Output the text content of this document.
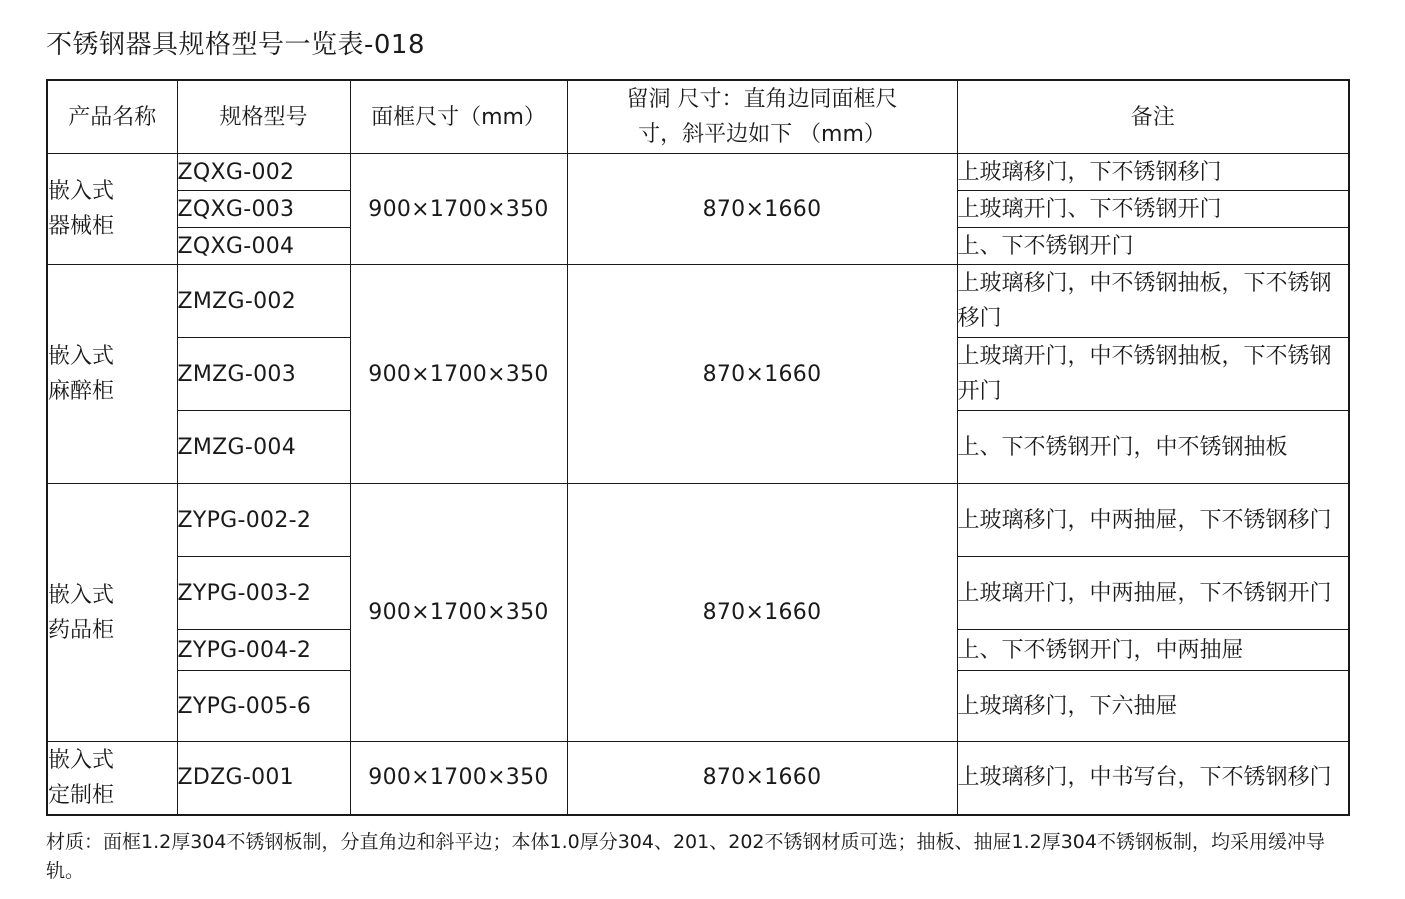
不锈钢器具规格型号一览表-018
产品名称	规格型号	面框尺寸（mm）	留洞 尺寸：直角边同面框尺寸，斜平边如下 （mm）	备注

嵌入式器械柜	ZQXG-002	900×1700×350	870×1660	上玻璃移门，下不锈钢移门
	ZQXG-003			上玻璃开门、下不锈钢开门
	ZQXG-004			上、下不锈钢开门

嵌入式麻醉柜	ZMZG-002	900×1700×350	870×1660	上玻璃移门，中不锈钢抽板，下不锈钢移门
	ZMZG-003			上玻璃开门，中不锈钢抽板，下不锈钢开门
	ZMZG-004			上、下不锈钢开门，中不锈钢抽板

嵌入式药品柜	ZYPG-002-2	900×1700×350	870×1660	上玻璃移门，中两抽屉，下不锈钢移门
	ZYPG-003-2			上玻璃开门，中两抽屉，下不锈钢开门
	ZYPG-004-2			上、下不锈钢开门，中两抽屉
	ZYPG-005-6			上玻璃移门，下六抽屉

嵌入式定制柜	ZDZG-001	900×1700×350	870×1660	上玻璃移门，中书写台，下不锈钢移门
材质：面框1.2厚304不锈钢板制，分直角边和斜平边；本体1.0厚分304、201、202不锈钢材质可选；抽板、抽屉1.2厚304不锈钢板制，均采用缓冲导轨。
